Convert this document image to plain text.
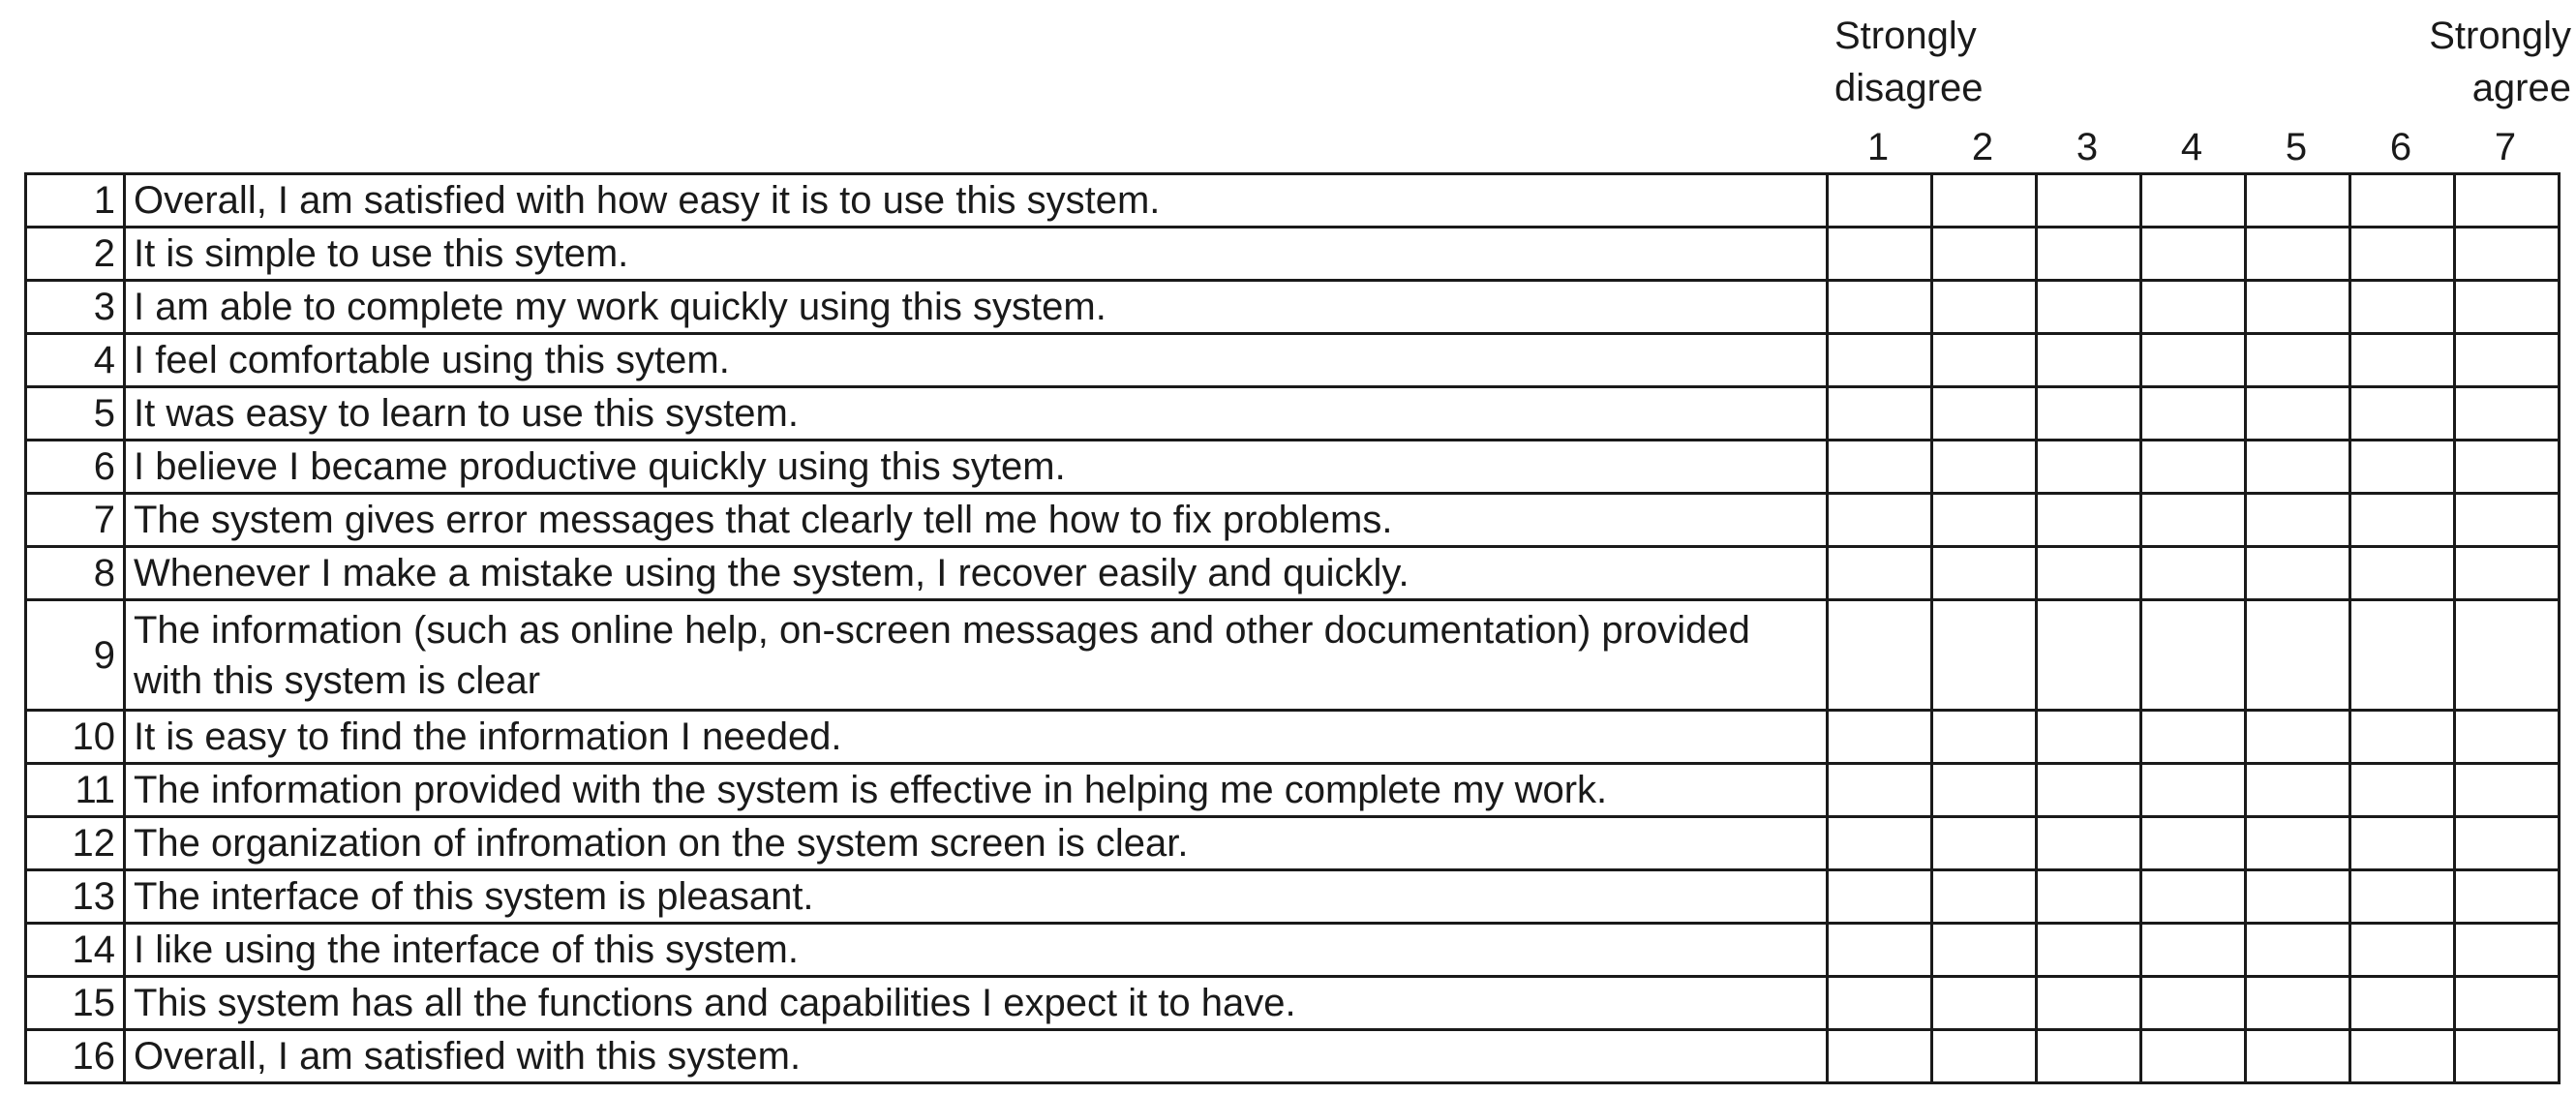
Strongly
disagree
Strongly
agree
1	2	3	4	5	6	7
1	Overall, I am satisfied with how easy it is to use this system.							
2	It is simple to use this sytem.							
3	I am able to complete my work quickly using this system.							
4	I feel comfortable using this sytem.							
5	It was easy to learn to use this system.							
6	I believe I became productive quickly using this sytem.							
7	The system gives error messages that clearly tell me how to fix problems.							
8	Whenever I make a mistake using the system, I recover easily and quickly.							
9	The information (such as online help, on-screen messages and other documentation) provided with this system is clear							
10	It is easy to find the information I needed.							
11	The information provided with the system is effective in helping me complete my work.							
12	The organization of infromation on the system screen is clear.							
13	The interface of this system is pleasant.							
14	I like using the interface of this system.							
15	This system has all the functions and capabilities I expect it to have.							
16	Overall, I am satisfied with this system.							
